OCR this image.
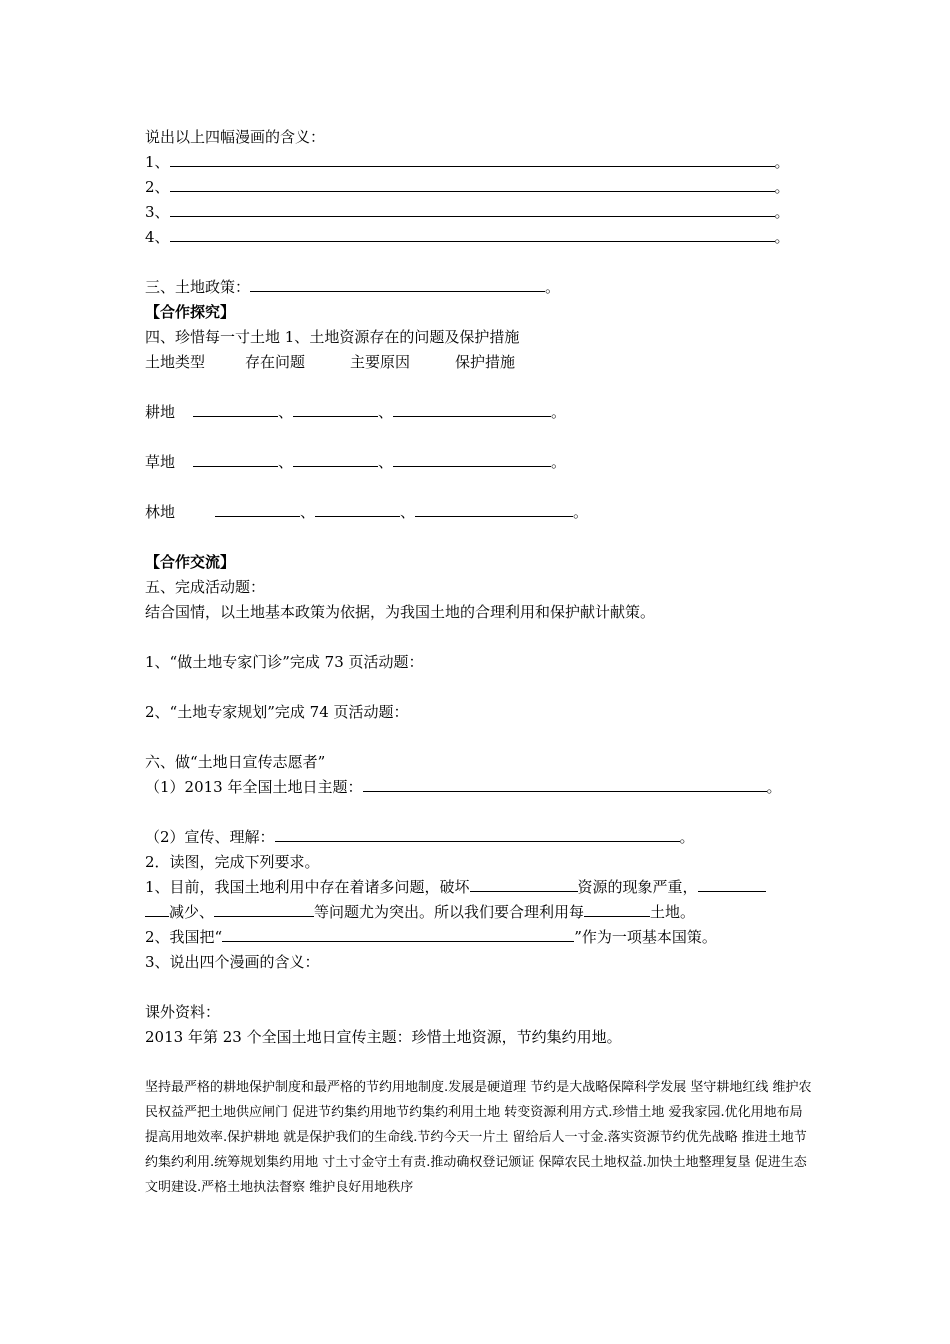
说出以上四幅漫画的含义：
1、	。
2、	。
3、	。
4、	。
三、土地政策：	。
【合作探究】
四、珍惜每一寸土地 1、土地资源存在的问题及保护措施
土地类型	存在问题	主要原因	保护措施
耕地	、	、	。
草地	、	、	。
林地	、	、	。
【合作交流】
五、完成活动题：
结合国情，以土地基本政策为依据，为我国土地的合理利用和保护献计献策。
1、“做土地专家门诊”完成 73 页活动题：
2、“土地专家规划”完成 74 页活动题：
六、做“土地日宣传志愿者”
（1）2013 年全国土地日主题：	。
（2）宣传、理解：	。
2．读图，完成下列要求。
1、目前，我国土地利用中存在着诸多问题，破坏	资源的现象严重，
减少、	等问题尤为突出。所以我们要合理利用每	土地。
2、我国把“	”作为一项基本国策。
3、说出四个漫画的含义：
课外资料：
2013 年第 23 个全国土地日宣传主题：珍惜土地资源，节约集约用地。
坚持最严格的耕地保护制度和最严格的节约用地制度.发展是硬道理 节约是大战略保障科学发展 坚守耕地红线 维护农民权益严把土地供应闸门 促进节约集约用地节约集约利用土地 转变资源利用方式.珍惜土地 爱我家园.优化用地布局 提高用地效率.保护耕地 就是保护我们的生命线.节约今天一片土 留给后人一寸金.落实资源节约优先战略 推进土地节约集约利用.统筹规划集约用地 寸土寸金守土有责.推动确权登记颁证 保障农民土地权益.加快土地整理复垦 促进生态文明建设.严格土地执法督察 维护良好用地秩序
